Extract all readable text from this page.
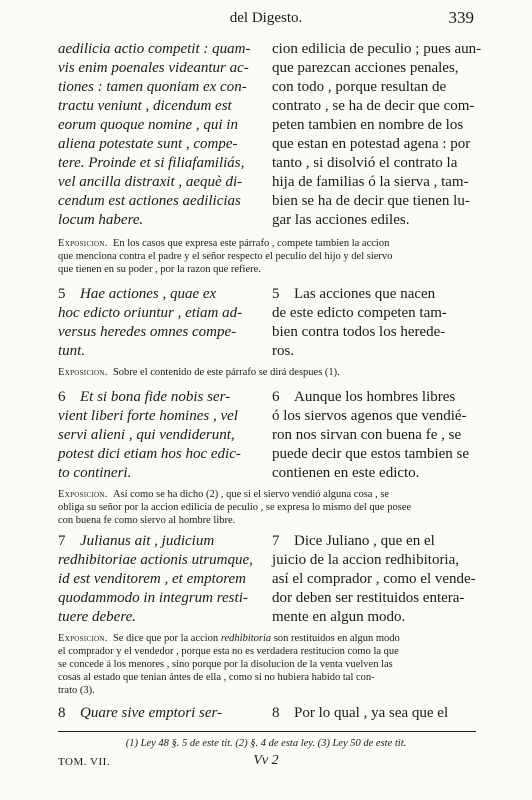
del Digesto.	339
aedilicia actio competit : quam-
vis enim poenales videantur ac-
tiones : tamen quoniam ex con-
tractu veniunt , dicendum est
eorum quoque nomine , qui in
aliena potestate sunt , compe-
tere. Proinde et si filiafamiliás,
vel ancilla distraxit , aequè di-
cendum est actiones aedilicias
locum habere.
cion edilicia de peculio ; pues aun-
que parezcan acciones penales,
con todo , porque resultan de
contrato , se ha de decir que com-
peten tambien en nombre de los
que estan en potestad agena : por
tanto , si disolvió el contrato la
hija de familias ó la sierva , tam-
bien se ha de decir que tienen lu-
gar las acciones ediles.
Exposicion. En los casos que expresa este párrafo , compete tambien la accion
que menciona contra el padre y el señor respecto el peculio del hijo y del siervo
que tienen en su poder , por la razon que refiere.
5 Hae actiones , quae ex
hoc edicto oriuntur , etiam ad-
versus heredes omnes compe-
tunt.
5 Las acciones que nacen
de este edicto competen tam-
bien contra todos los herede-
ros.
Exposicion. Sobre el contenido de este párrafo se dirá despues (1).
6 Et si bona fide nobis ser-
vient liberi forte homines , vel
servi alieni , qui vendiderunt,
potest dici etiam hos hoc edic-
to contineri.
6 Aunque los hombres libres
ó los siervos agenos que vendié-
ron nos sirvan con buena fe , se
puede decir que estos tambien se
contienen en este edicto.
Exposicion. Así como se ha dicho (2) , que si el siervo vendió alguna cosa , se
obliga su señor por la accion edilicia de peculio , se expresa lo mismo del que posee
con buena fe como siervo al hombre libre.
7 Julianus ait , judicium
redhibitoriae actionis utrumque,
id est venditorem , et emptorem
quodammodo in integrum resti-
tuere debere.
7 Dice Juliano , que en el
juicio de la accion redhibitoria,
así el comprador , como el vende-
dor deben ser restituidos entera-
mente en algun modo.
Exposicion. Se dice que por la accion redhibitoria son restituidos en algun modo
el comprador y el vendedor , porque esta no es verdadera restitucion como la que
se concede á los menores , sino porque por la disolucion de la venta vuelven las
cosas al estado que tenian ántes de ella , como si no hubiera habido tal con-
trato (3).
8 Quare sive emptori ser-	8 Por lo qual , ya sea que el
(1) Ley 48 §. 5 de este tit. (2) §. 4 de esta ley. (3) Ley 50 de este tit.
TOM. VII.	Vv 2
